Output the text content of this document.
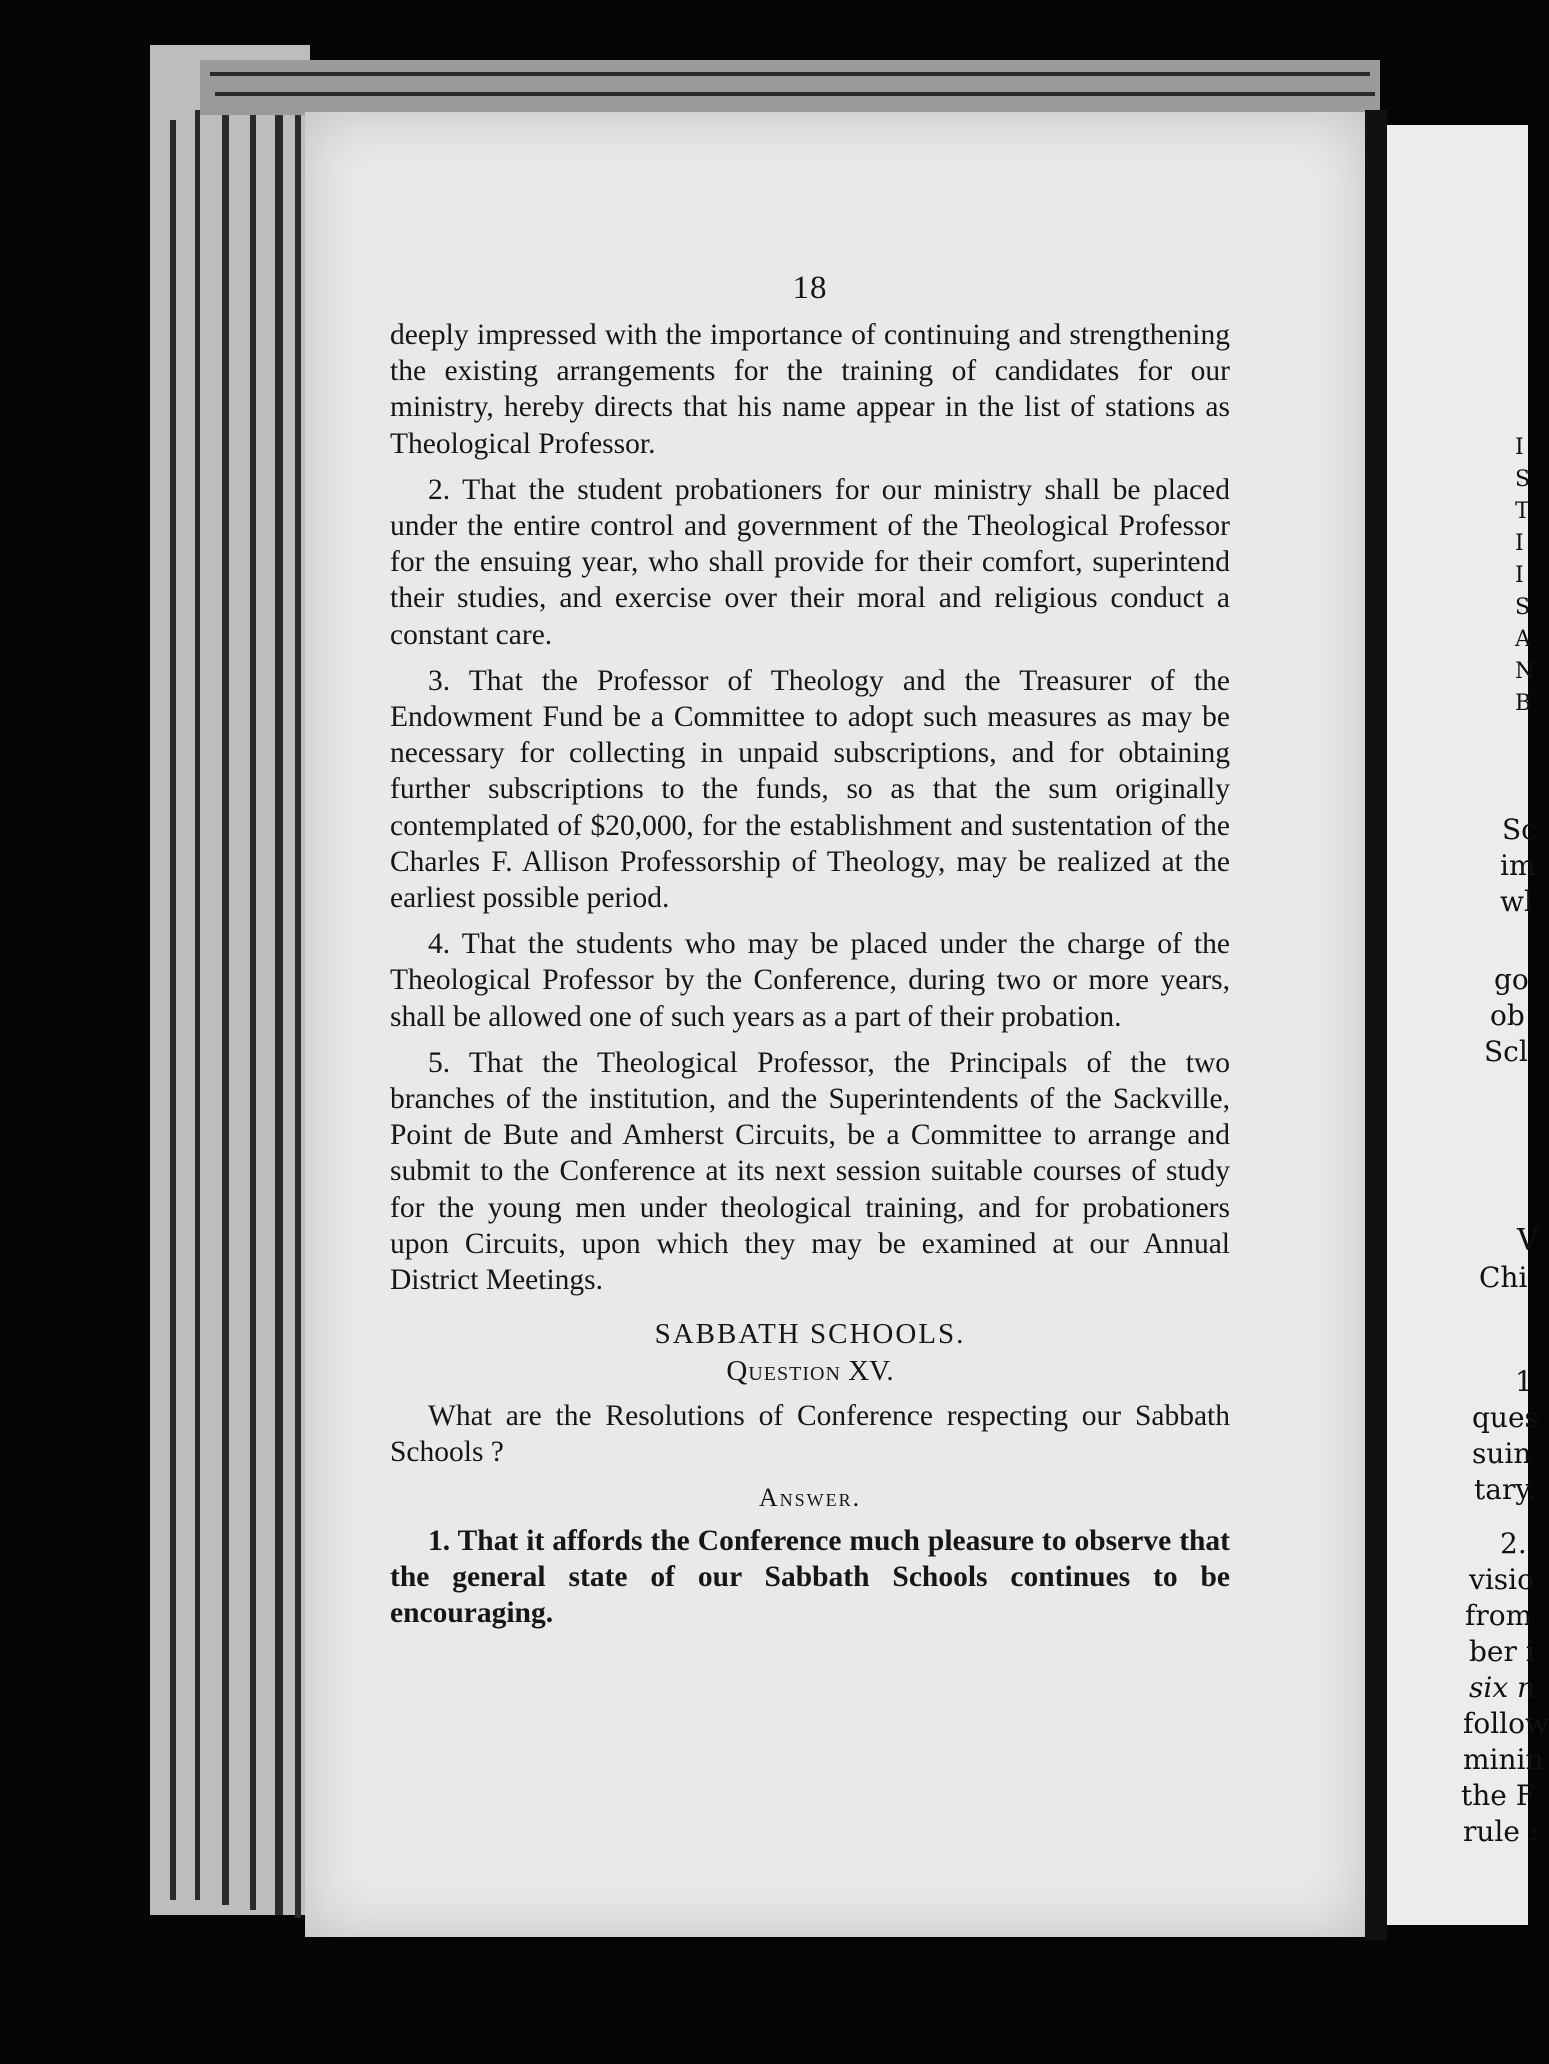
I
S
T
I
I
S
A
N
B
Sc
im
wl
go
ob
Scl
V
Chi
1
ques
suin
tary.
2.
visio
from
ber i
six n
follow
minin
the F
rule :
18

deeply impressed with the importance of continuing and strengthening the existing arrangements for the training of candidates for our ministry, hereby directs that his name appear in the list of stations as Theological Professor.

2. That the student probationers for our ministry shall be placed under the entire control and government of the Theological Professor for the ensuing year, who shall provide for their comfort, superintend their studies, and exercise over their moral and religious conduct a constant care.

3. That the Professor of Theology and the Treasurer of the Endowment Fund be a Committee to adopt such measures as may be necessary for collecting in unpaid subscriptions, and for obtaining further subscriptions to the funds, so as that the sum originally contemplated of $20,000, for the establishment and sustentation of the Charles F. Allison Professorship of Theology, may be realized at the earliest possible period.

4. That the students who may be placed under the charge of the Theological Professor by the Conference, during two or more years, shall be allowed one of such years as a part of their probation.

5. That the Theological Professor, the Principals of the two branches of the institution, and the Superintendents of the Sackville, Point de Bute and Amherst Circuits, be a Committee to arrange and submit to the Conference at its next session suitable courses of study for the young men under theological training, and for probationers upon Circuits, upon which they may be examined at our Annual District Meetings.

SABBATH SCHOOLS.
Question XV.

What are the Resolutions of Conference respecting our Sabbath Schools ?

Answer.

1. That it affords the Conference much pleasure to observe that the general state of our Sabbath Schools continues to be encouraging.
